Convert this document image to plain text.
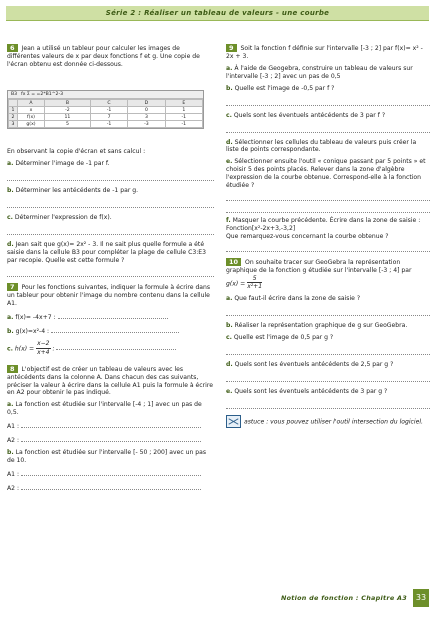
Série 2 : Réaliser un tableau de valeurs - une courbe

6 Jean a utilisé un tableur pour calculer les images de différentes valeurs de x par deux fonctions f et g. Une copie de l'écran obtenu est donnée ci-dessous.

B3 fx Σ = =2*B1^2-3
	A	B	C	D	E
1	x	-2	-1	0	1
2	f(x)	11	7	3	-1
3	g(x)	5	-1	-3	-1

En observant la copie d'écran et sans calcul :

a. Déterminer l'image de -1 par f.

b. Déterminer les antécédents de -1 par g.

c. Déterminer l'expression de f(x).

d. Jean sait que g(x)= 2x² - 3. Il ne sait plus quelle formule a été saisie dans la cellule B3 pour compléter la plage de cellule C3:E3 par recopie. Quelle est cette formule ?

7 Pour les fonctions suivantes, indiquer la formule à écrire dans un tableur pour obtenir l'image du nombre contenu dans la cellule A1.

a. f(x)= -4x+7 :

b. g(x)=x²-4 :

c. $h(x) = \frac{x-2}{x+4}$ :

8 L'objectif est de créer un tableau de valeurs avec les antécédents dans la colonne A. Dans chacun des cas suivants, préciser la valeur à écrire dans la cellule A1 puis la formule à écrire en A2 pour obtenir le pas indiqué.

a. La fonction est étudiée sur l'intervalle [-4 ; 1] avec un pas de 0,5.

A1 :

A2 :

b. La fonction est étudiée sur l'intervalle [- 50 ; 200] avec un pas de 10.

A1 :

A2 :

9 Soit la fonction f définie sur l'intervalle [-3 ; 2] par f(x)= x² - 2x + 3.

a. À l'aide de Geogebra, construire un tableau de valeurs sur l'intervalle [-3 ; 2] avec un pas de 0,5

b. Quelle est l'image de -0,5 par f ?

c. Quels sont les éventuels antécédents de 3 par f ?

d. Sélectionner les cellules du tableau de valeurs puis créer la liste de points correspondante.

e. Sélectionner ensuite l'outil « conique passant par 5 points » et choisir 5 des points placés. Relever dans la zone d'algèbre l'expression de la courbe obtenue. Correspond-elle à la fonction étudiée ?

f. Masquer la courbe précédente. Écrire dans la zone de saisie : Fonction[x²-2x+3,-3,2]

Que remarquez-vous concernant la courbe obtenue ?

10 On souhaite tracer sur GeoGebra la représentation graphique de la fonction g étudiée sur l'intervalle [-3 ; 4] par $g(x) = \frac{5}{\text{x²+1}}$

a. Que faut-il écrire dans la zone de saisie ?

b. Réaliser la représentation graphique de g sur GeoGebra.

c. Quelle est l'image de 0,5 par g ?

d. Quels sont les éventuels antécédents de 2,5 par g ?

e. Quels sont les éventuels antécédents de 3 par g ?

astuce : vous pouvez utiliser l'outil intersection du logiciel.

Notion de fonction : Chapitre A3	33
